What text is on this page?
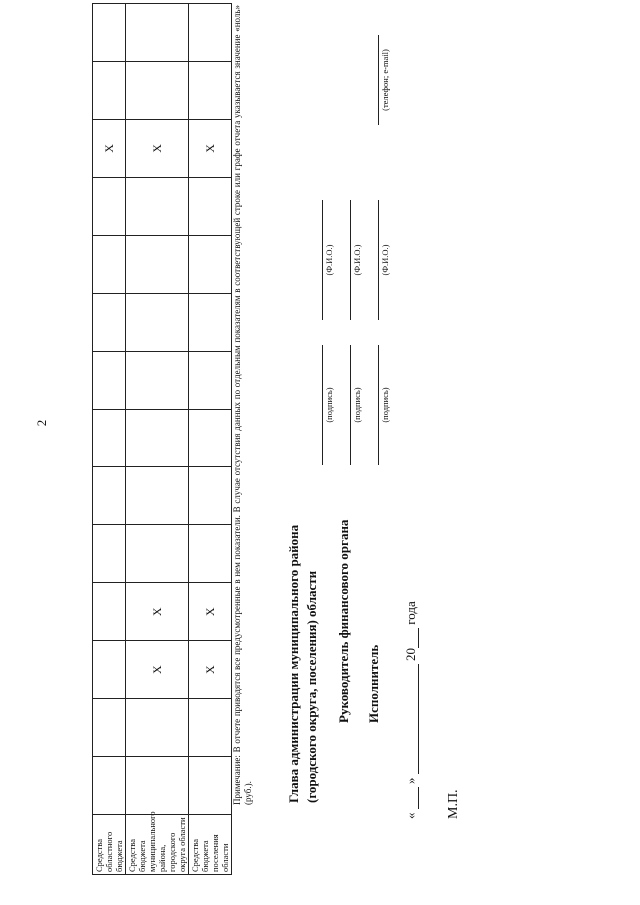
2
Средства областного бюджета												X		
Средства бюджета муниципального района, городского округа области			X	X								X		
Средства бюджета поселения области			X	X								X		Примечание: В отчете приводятся все предусмотренные в нем показатели. В случае отсутствия данных по отдельным показателям в соответствующей строке или графе отчета указывается значение «ноль» (руб.).	Глава администрации муниципального района (городского округа, поселения) области
(подпись)
(Ф.И.О.)
Руководитель финансового органа
(подпись)
(Ф.И.О.)
Исполнитель
(подпись)
(Ф.И.О.)
(телефон; e-mail)
«   »   20  года
М.П.
